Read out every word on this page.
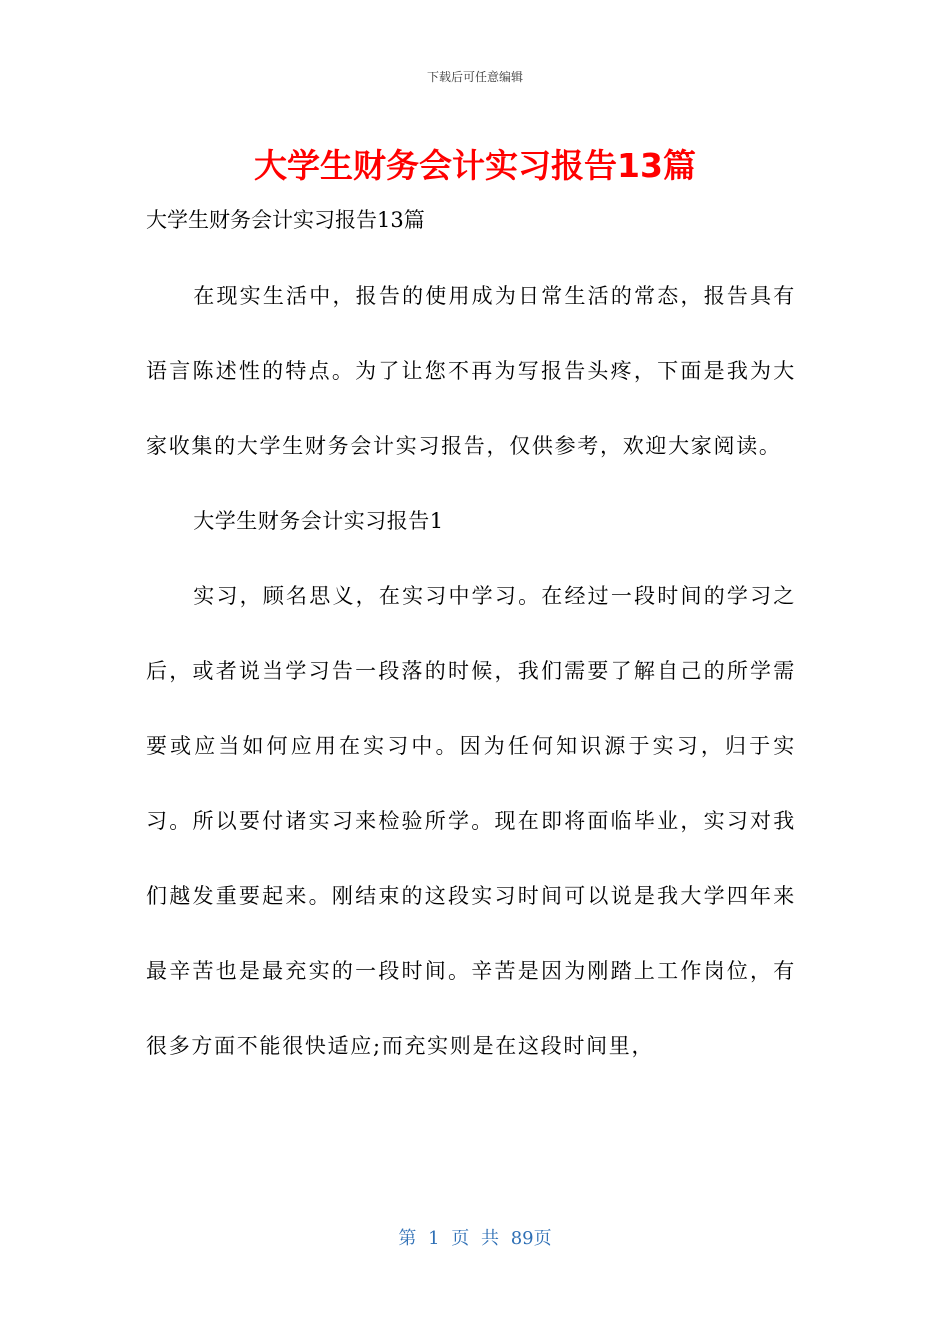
下载后可任意编辑
大学生财务会计实习报告13篇

大学生财务会计实习报告13篇

在现实生活中，报告的使用成为日常生活的常态，报告具有语言陈述性的特点。为了让您不再为写报告头疼，下面是我为大家收集的大学生财务会计实习报告，仅供参考，欢迎大家阅读。

大学生财务会计实习报告1

实习，顾名思义，在实习中学习。在经过一段时间的学习之后，或者说当学习告一段落的时候，我们需要了解自己的所学需要或应当如何应用在实习中。因为任何知识源于实习，归于实习。所以要付诸实习来检验所学。现在即将面临毕业，实习对我们越发重要起来。刚结束的这段实习时间可以说是我大学四年来最辛苦也是最充实的一段时间。辛苦是因为刚踏上工作岗位，有很多方面不能很快适应;而充实则是在这段时间里，

第 1 页 共 89页
